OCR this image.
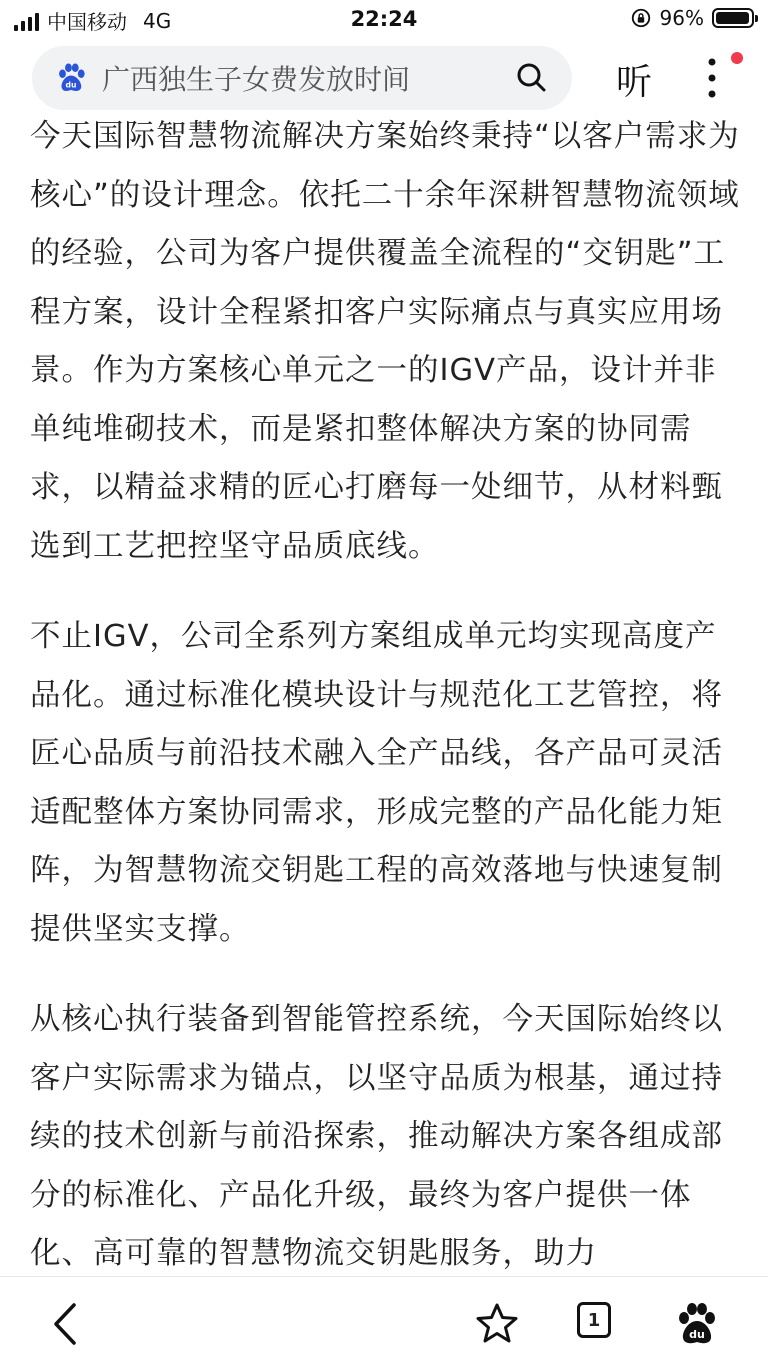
中国移动 4G	22:24	96%
du
广西独生子女费发放时间	听

今天国际智慧物流解决方案始终秉持“以客户需求为核心”的设计理念。依托二十余年深耕智慧物流领域的经验，公司为客户提供覆盖全流程的“交钥匙”工程方案，设计全程紧扣客户实际痛点与真实应用场景。作为方案核心单元之一的IGV产品，设计并非单纯堆砌技术，而是紧扣整体解决方案的协同需求，以精益求精的匠心打磨每一处细节，从材料甄选到工艺把控坚守品质底线。

不止IGV，公司全系列方案组成单元均实现高度产品化。通过标准化模块设计与规范化工艺管控，将匠心品质与前沿技术融入全产品线，各产品可灵活适配整体方案协同需求，形成完整的产品化能力矩阵，为智慧物流交钥匙工程的高效落地与快速复制提供坚实支撑。

从核心执行装备到智能管控系统，今天国际始终以客户实际需求为锚点，以坚守品质为根基，通过持续的技术创新与前沿探索，推动解决方案各组成部分的标准化、产品化升级，最终为客户提供一体化、高可靠的智慧物流交钥匙服务，助力

1
du
